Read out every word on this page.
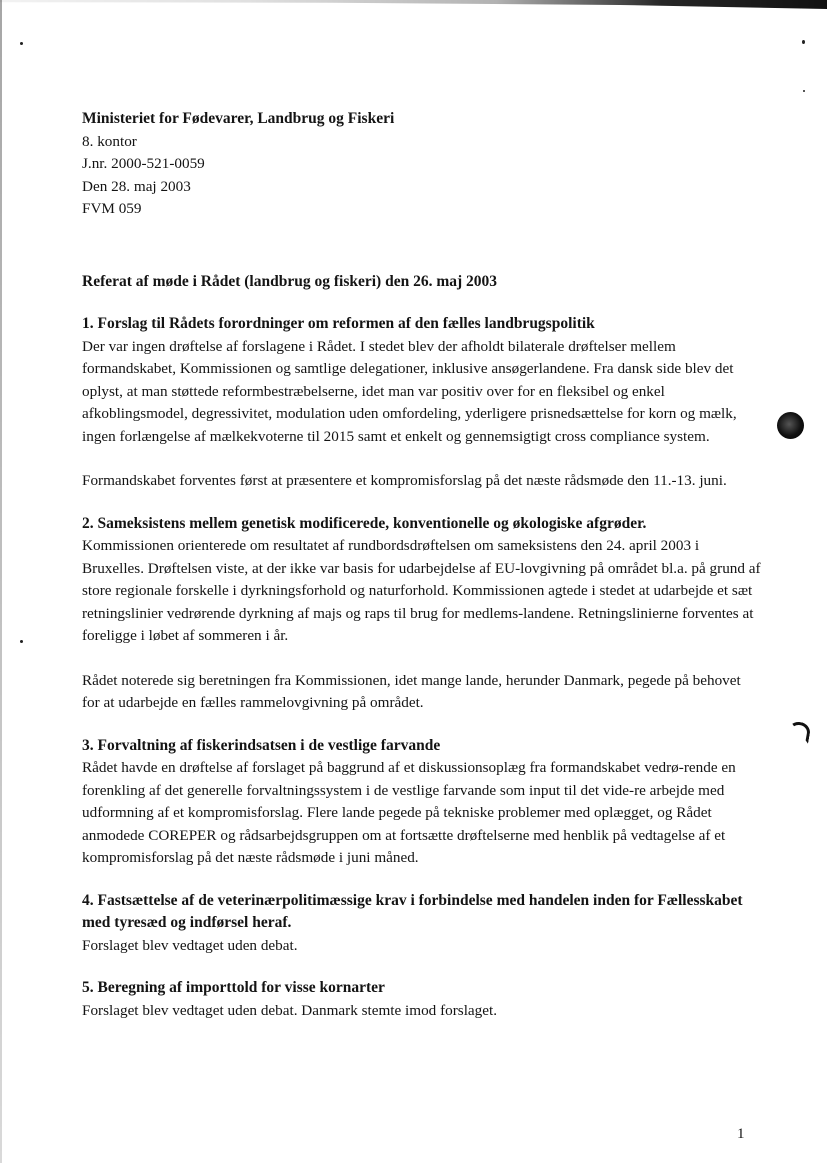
Ministeriet for Fødevarer, Landbrug og Fiskeri
8. kontor
J.nr. 2000-521-0059
Den 28. maj 2003
FVM 059
Referat af møde i Rådet (landbrug og fiskeri) den 26. maj 2003
1. Forslag til Rådets forordninger om reformen af den fælles landbrugspolitik

Der var ingen drøftelse af forslagene i Rådet. I stedet blev der afholdt bilaterale drøftelser mellem formandskabet, Kommissionen og samtlige delegationer, inklusive ansøgerlandene. Fra dansk side blev det oplyst, at man støttede reformbestræbelserne, idet man var positiv over for en fleksibel og enkel afkoblingsmodel, degressivitet, modulation uden omfordeling, yderligere prisnedsættelse for korn og mælk, ingen forlængelse af mælkekvoterne til 2015 samt et enkelt og gennemsigtigt cross compliance system.

Formandskabet forventes først at præsentere et kompromisforslag på det næste rådsmøde den 11.-13. juni.

2. Sameksistens mellem genetisk modificerede, konventionelle og økologiske afgrøder.

Kommissionen orienterede om resultatet af rundbordsdrøftelsen om sameksistens den 24. april 2003 i Bruxelles. Drøftelsen viste, at der ikke var basis for udarbejdelse af EU-lovgivning på området bl.a. på grund af store regionale forskelle i dyrkningsforhold og naturforhold. Kommissionen agtede i stedet at udarbejde et sæt retningslinier vedrørende dyrkning af majs og raps til brug for medlems-landene. Retningslinierne forventes at foreligge i løbet af sommeren i år.

Rådet noterede sig beretningen fra Kommissionen, idet mange lande, herunder Danmark, pegede på behovet for at udarbejde en fælles rammelovgivning på området.

3. Forvaltning af fiskerindsatsen i de vestlige farvande

Rådet havde en drøftelse af forslaget på baggrund af et diskussionsoplæg fra formandskabet vedrø-rende en forenkling af det generelle forvaltningssystem i de vestlige farvande som input til det vide-re arbejde med udformning af et kompromisforslag. Flere lande pegede på tekniske problemer med oplægget, og Rådet anmodede COREPER og rådsarbejdsgruppen om at fortsætte drøftelserne med henblik på vedtagelse af et kompromisforslag på det næste rådsmøde i juni måned.

4. Fastsættelse af de veterinærpolitimæssige krav i forbindelse med handelen inden for Fællesskabet med tyresæd og indførsel heraf.

Forslaget blev vedtaget uden debat.

5. Beregning af importtold for visse kornarter

Forslaget blev vedtaget uden debat. Danmark stemte imod forslaget.

1
